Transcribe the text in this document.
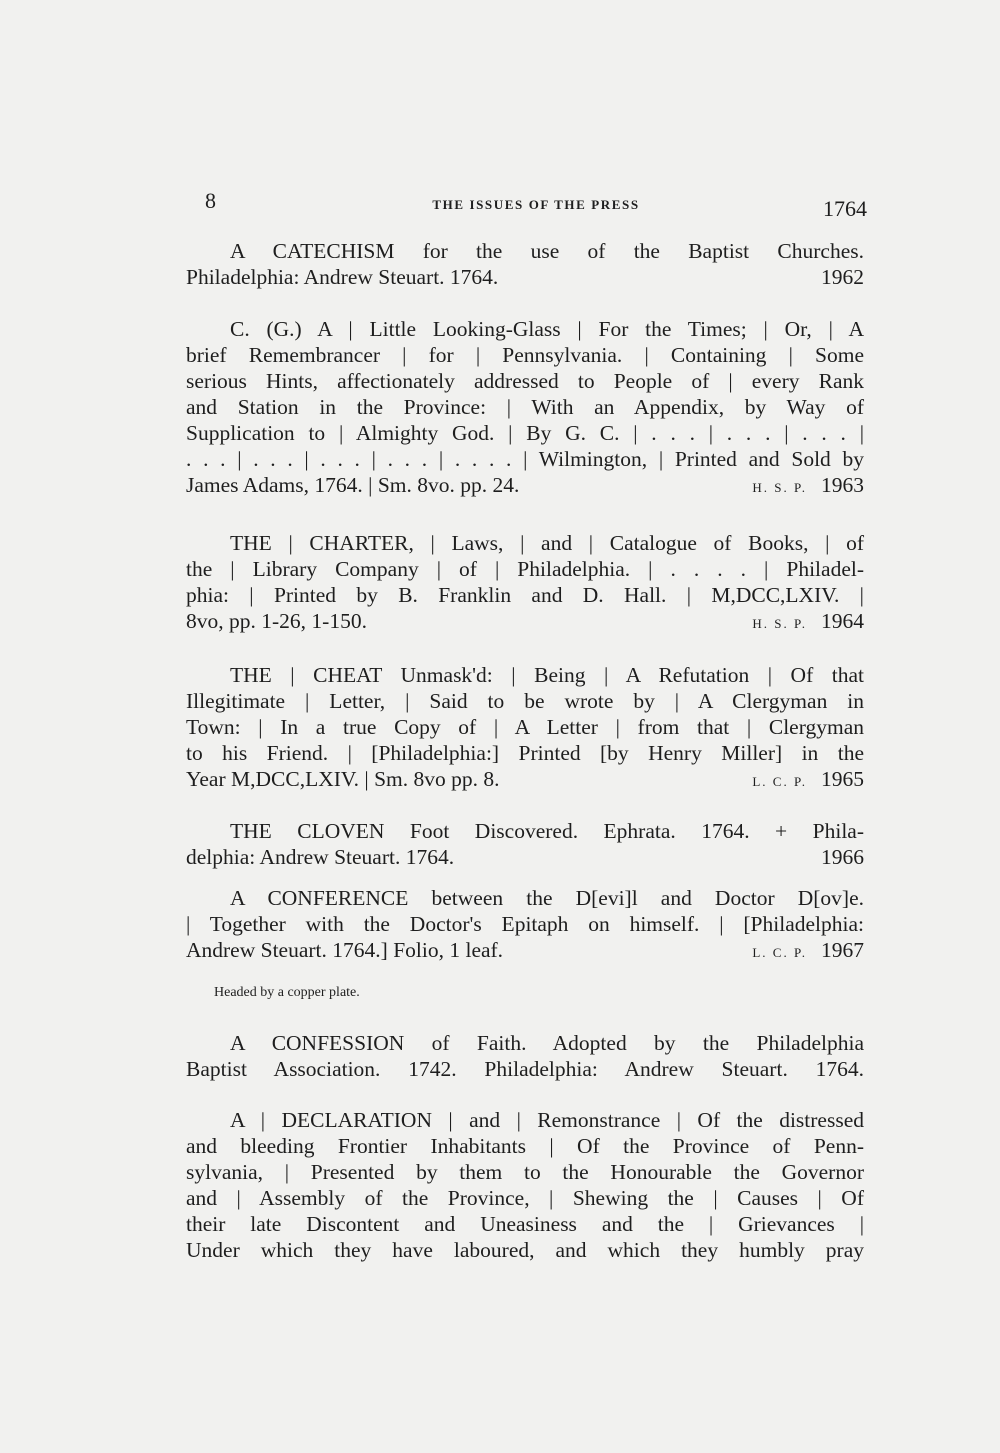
8	THE ISSUES OF THE PRESS	1764

A CATECHISM for the use of the Baptist Churches.
Philadelphia: Andrew Steuart. 1764.	1962

C. (G.) A | Little Looking-Glass | For the Times; | Or, | A
brief Remembrancer | for | Pennsylvania. | Containing | Some
serious Hints, affectionately addressed to People of | every Rank
and Station in the Province: | With an Appendix, by Way of
Supplication to | Almighty God. | By G. C. | . . . | . . . | . . . |
. . . | . . . | . . . | . . . | . . . . | Wilmington, | Printed and Sold by
James Adams, 1764. | Sm. 8vo. pp. 24.	H. S. P. 1963

THE | CHARTER, | Laws, | and | Catalogue of Books, | of
the | Library Company | of | Philadelphia. | . . . . | Philadel-
phia: | Printed by B. Franklin and D. Hall. | M,DCC,LXIV. |
8vo, pp. 1-26, 1-150.	H. S. P. 1964

THE | CHEAT Unmask'd: | Being | A Refutation | Of that
Illegitimate | Letter, | Said to be wrote by | A Clergyman in
Town: | In a true Copy of | A Letter | from that | Clergyman
to his Friend. | [Philadelphia:] Printed [by Henry Miller] in the
Year M,DCC,LXIV. | Sm. 8vo pp. 8.	L. C. P. 1965

THE CLOVEN Foot Discovered. Ephrata. 1764. + Phila-
delphia: Andrew Steuart. 1764.	1966

A CONFERENCE between the D[evi]l and Doctor D[ov]e.
| Together with the Doctor's Epitaph on himself. | [Philadelphia:
Andrew Steuart. 1764.] Folio, 1 leaf.	L. C. P. 1967

Headed by a copper plate.

A CONFESSION of Faith. Adopted by the Philadelphia
Baptist Association. 1742. Philadelphia: Andrew Steuart. 1764.

A | DECLARATION | and | Remonstrance | Of the distressed
and bleeding Frontier Inhabitants | Of the Province of Penn-
sylvania, | Presented by them to the Honourable the Governor
and | Assembly of the Province, | Shewing the | Causes | Of
their late Discontent and Uneasiness and the | Grievances |
Under which they have laboured, and which they humbly pray
